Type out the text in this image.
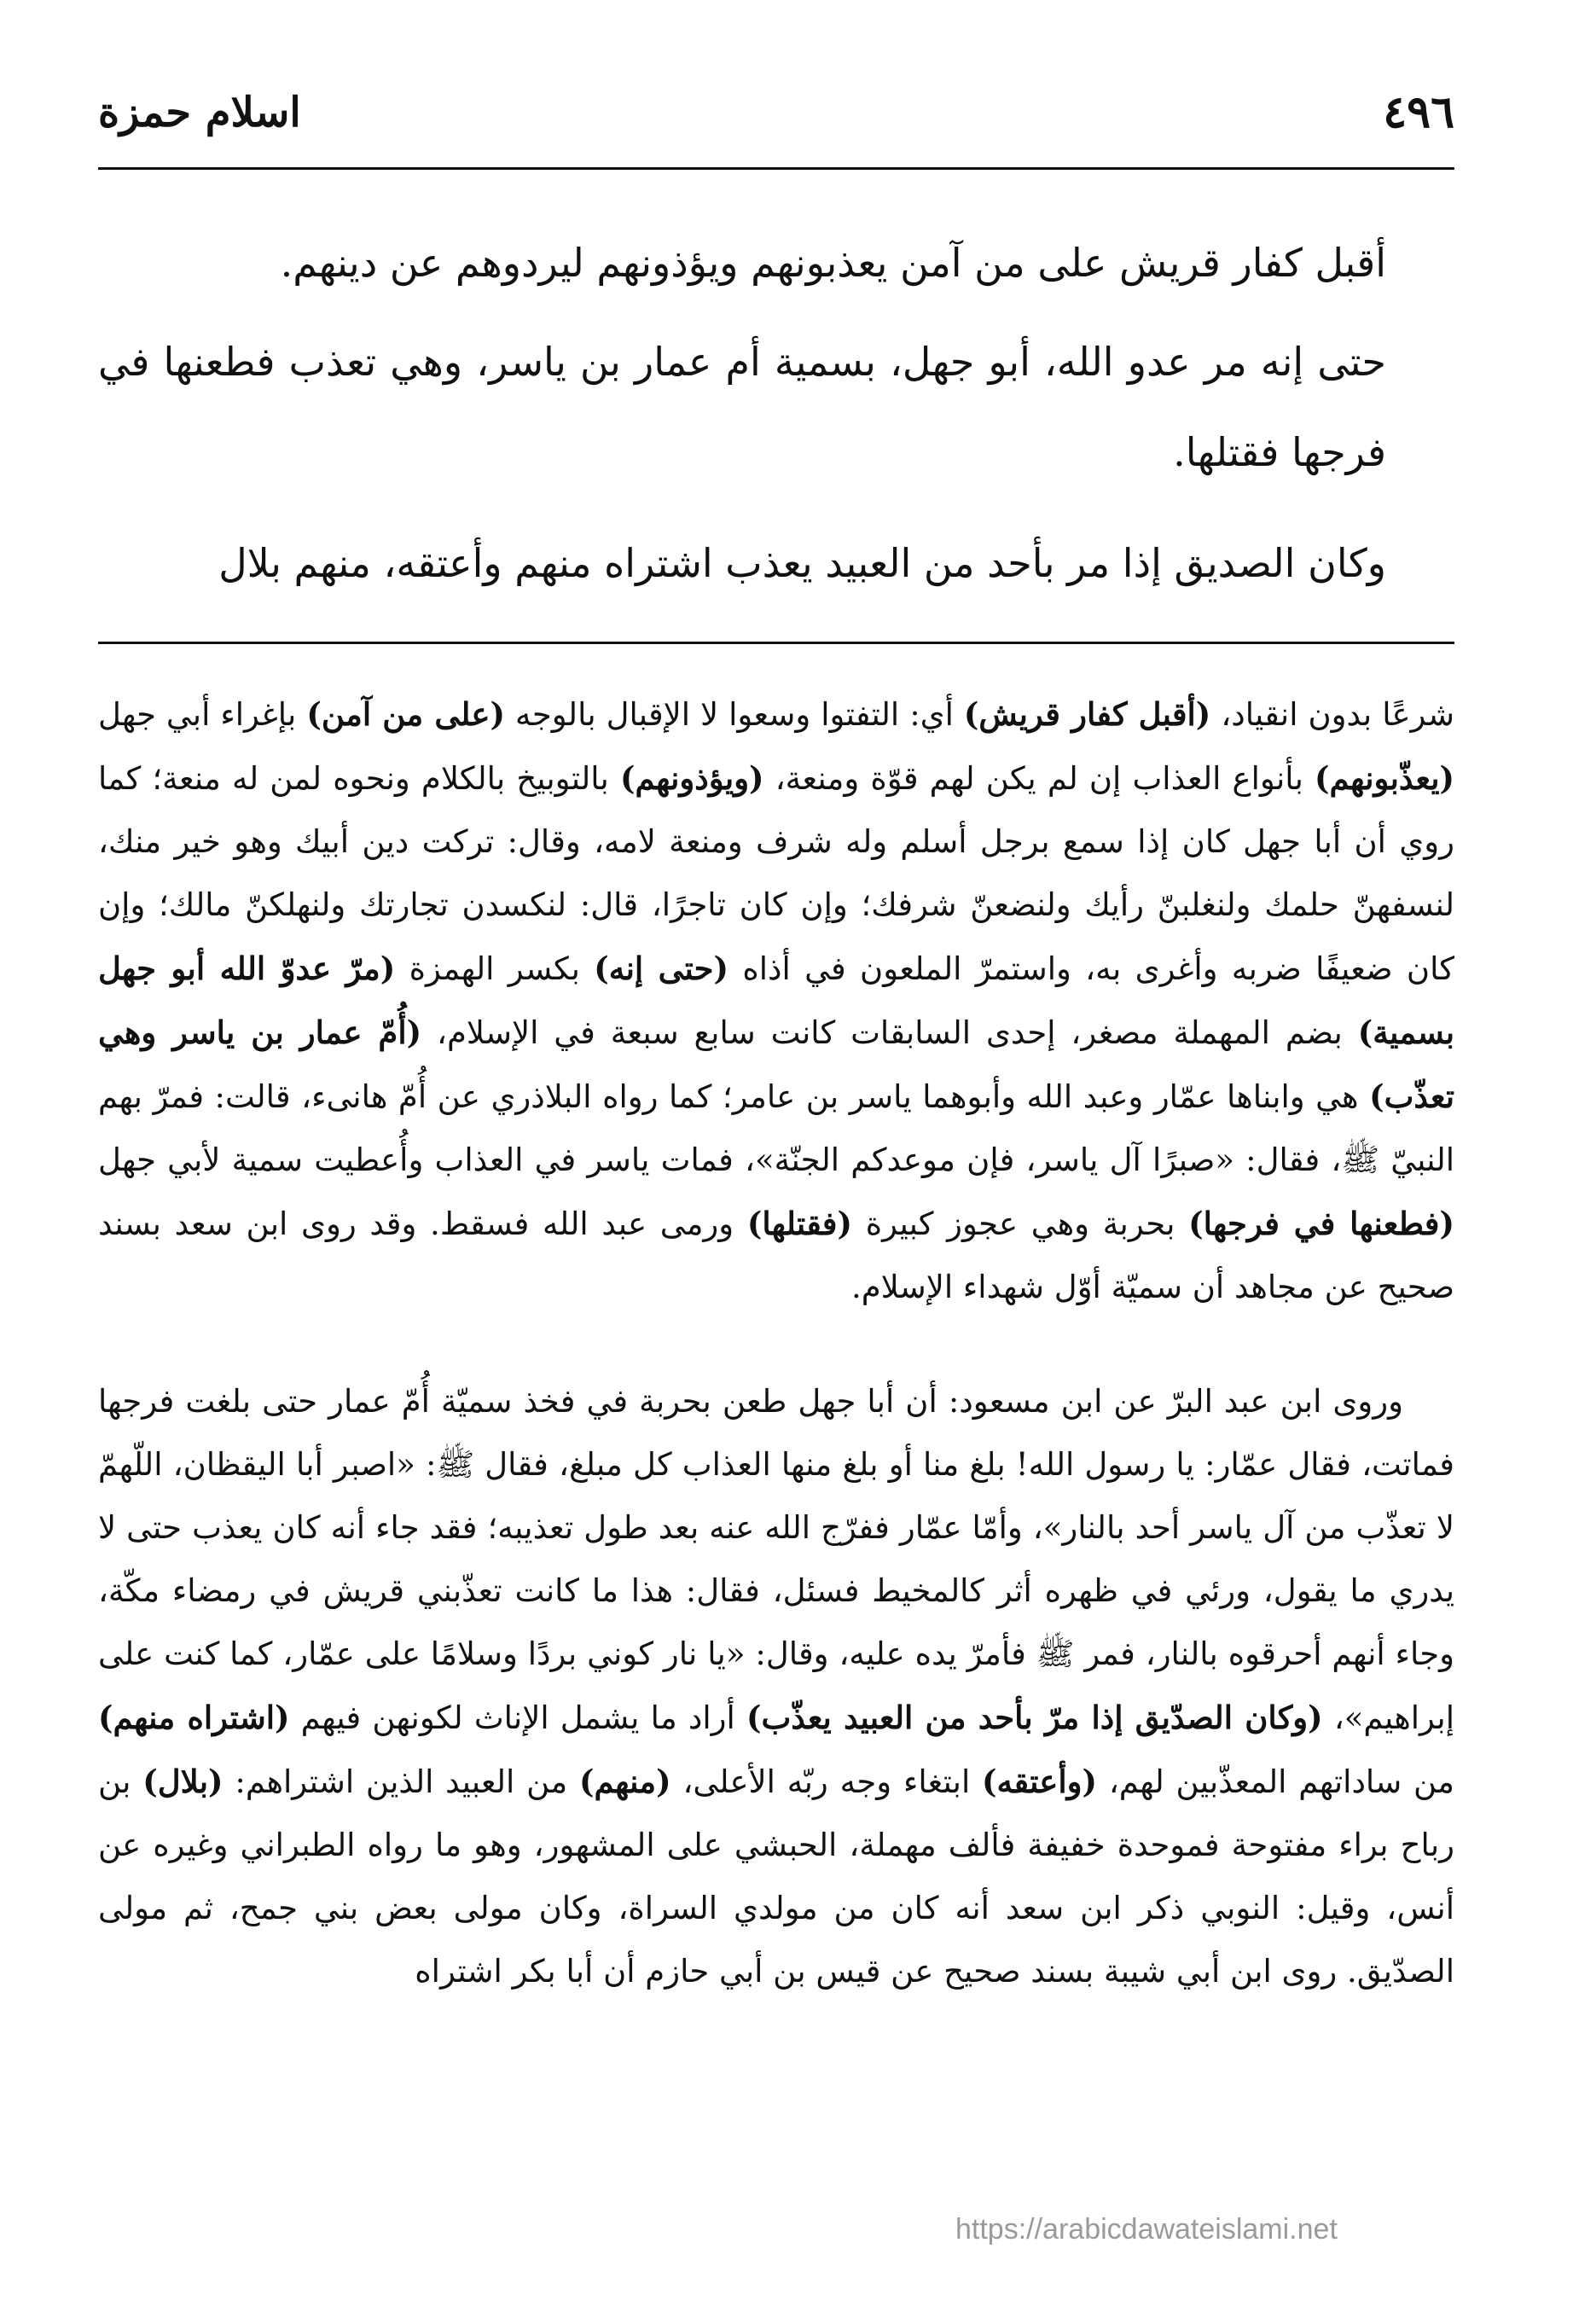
٤٩٦
اسلام حمزة

أقبل كفار قريش على من آمن يعذبونهم ويؤذونهم ليردوهم عن دينهم.

حتى إنه مر عدو الله، أبو جهل، بسمية أم عمار بن ياسر، وهي تعذب فطعنها في فرجها فقتلها.

وكان الصديق إذا مر بأحد من العبيد يعذب اشتراه منهم وأعتقه، منهم بلال

شرعًا بدون انقياد، (أقبل كفار قريش) أي: التفتوا وسعوا لا الإقبال بالوجه (على من آمن) بإغراء أبي جهل (يعذّبونهم) بأنواع العذاب إن لم يكن لهم قوّة ومنعة، (ويؤذونهم) بالتوبيخ بالكلام ونحوه لمن له منعة؛ كما روي أن أبا جهل كان إذا سمع برجل أسلم وله شرف ومنعة لامه، وقال: تركت دين أبيك وهو خير منك، لنسفهنّ حلمك ولنغلبنّ رأيك ولنضعنّ شرفك؛ وإن كان تاجرًا، قال: لنكسدن تجارتك ولنهلكنّ مالك؛ وإن كان ضعيفًا ضربه وأغرى به، واستمرّ الملعون في أذاه (حتى إنه) بكسر الهمزة (مرّ عدوّ الله أبو جهل بسمية) بضم المهملة مصغر، إحدى السابقات كانت سابع سبعة في الإسلام، (أُمّ عمار بن ياسر وهي تعذّب) هي وابناها عمّار وعبد الله وأبوهما ياسر بن عامر؛ كما رواه البلاذري عن أُمّ هانىء، قالت: فمرّ بهم النبيّ ﷺ، فقال: «صبرًا آل ياسر، فإن موعدكم الجنّة»، فمات ياسر في العذاب وأُعطيت سمية لأبي جهل (فطعنها في فرجها) بحربة وهي عجوز كبيرة (فقتلها) ورمى عبد الله فسقط. وقد روى ابن سعد بسند صحيح عن مجاهد أن سميّة أوّل شهداء الإسلام.

وروى ابن عبد البرّ عن ابن مسعود: أن أبا جهل طعن بحربة في فخذ سميّة أُمّ عمار حتى بلغت فرجها فماتت، فقال عمّار: يا رسول الله! بلغ منا أو بلغ منها العذاب كل مبلغ، فقال ﷺ: «اصبر أبا اليقظان، اللّهمّ لا تعذّب من آل ياسر أحد بالنار»، وأمّا عمّار ففرّج الله عنه بعد طول تعذيبه؛ فقد جاء أنه كان يعذب حتى لا يدري ما يقول، ورئي في ظهره أثر كالمخيط فسئل، فقال: هذا ما كانت تعذّبني قريش في رمضاء مكّة، وجاء أنهم أحرقوه بالنار، فمر ﷺ فأمرّ يده عليه، وقال: «يا نار كوني بردًا وسلامًا على عمّار، كما كنت على إبراهيم»، (وكان الصدّيق إذا مرّ بأحد من العبيد يعذّب) أراد ما يشمل الإناث لكونهن فيهم (اشتراه منهم) من ساداتهم المعذّبين لهم، (وأعتقه) ابتغاء وجه ربّه الأعلى، (منهم) من العبيد الذين اشتراهم: (بلال) بن رباح براء مفتوحة فموحدة خفيفة فألف مهملة، الحبشي على المشهور، وهو ما رواه الطبراني وغيره عن أنس، وقيل: النوبي ذكر ابن سعد أنه كان من مولدي السراة، وكان مولى بعض بني جمح، ثم مولى الصدّيق. روى ابن أبي شيبة بسند صحيح عن قيس بن أبي حازم أن أبا بكر اشتراه

https://arabicdawateislami.net
